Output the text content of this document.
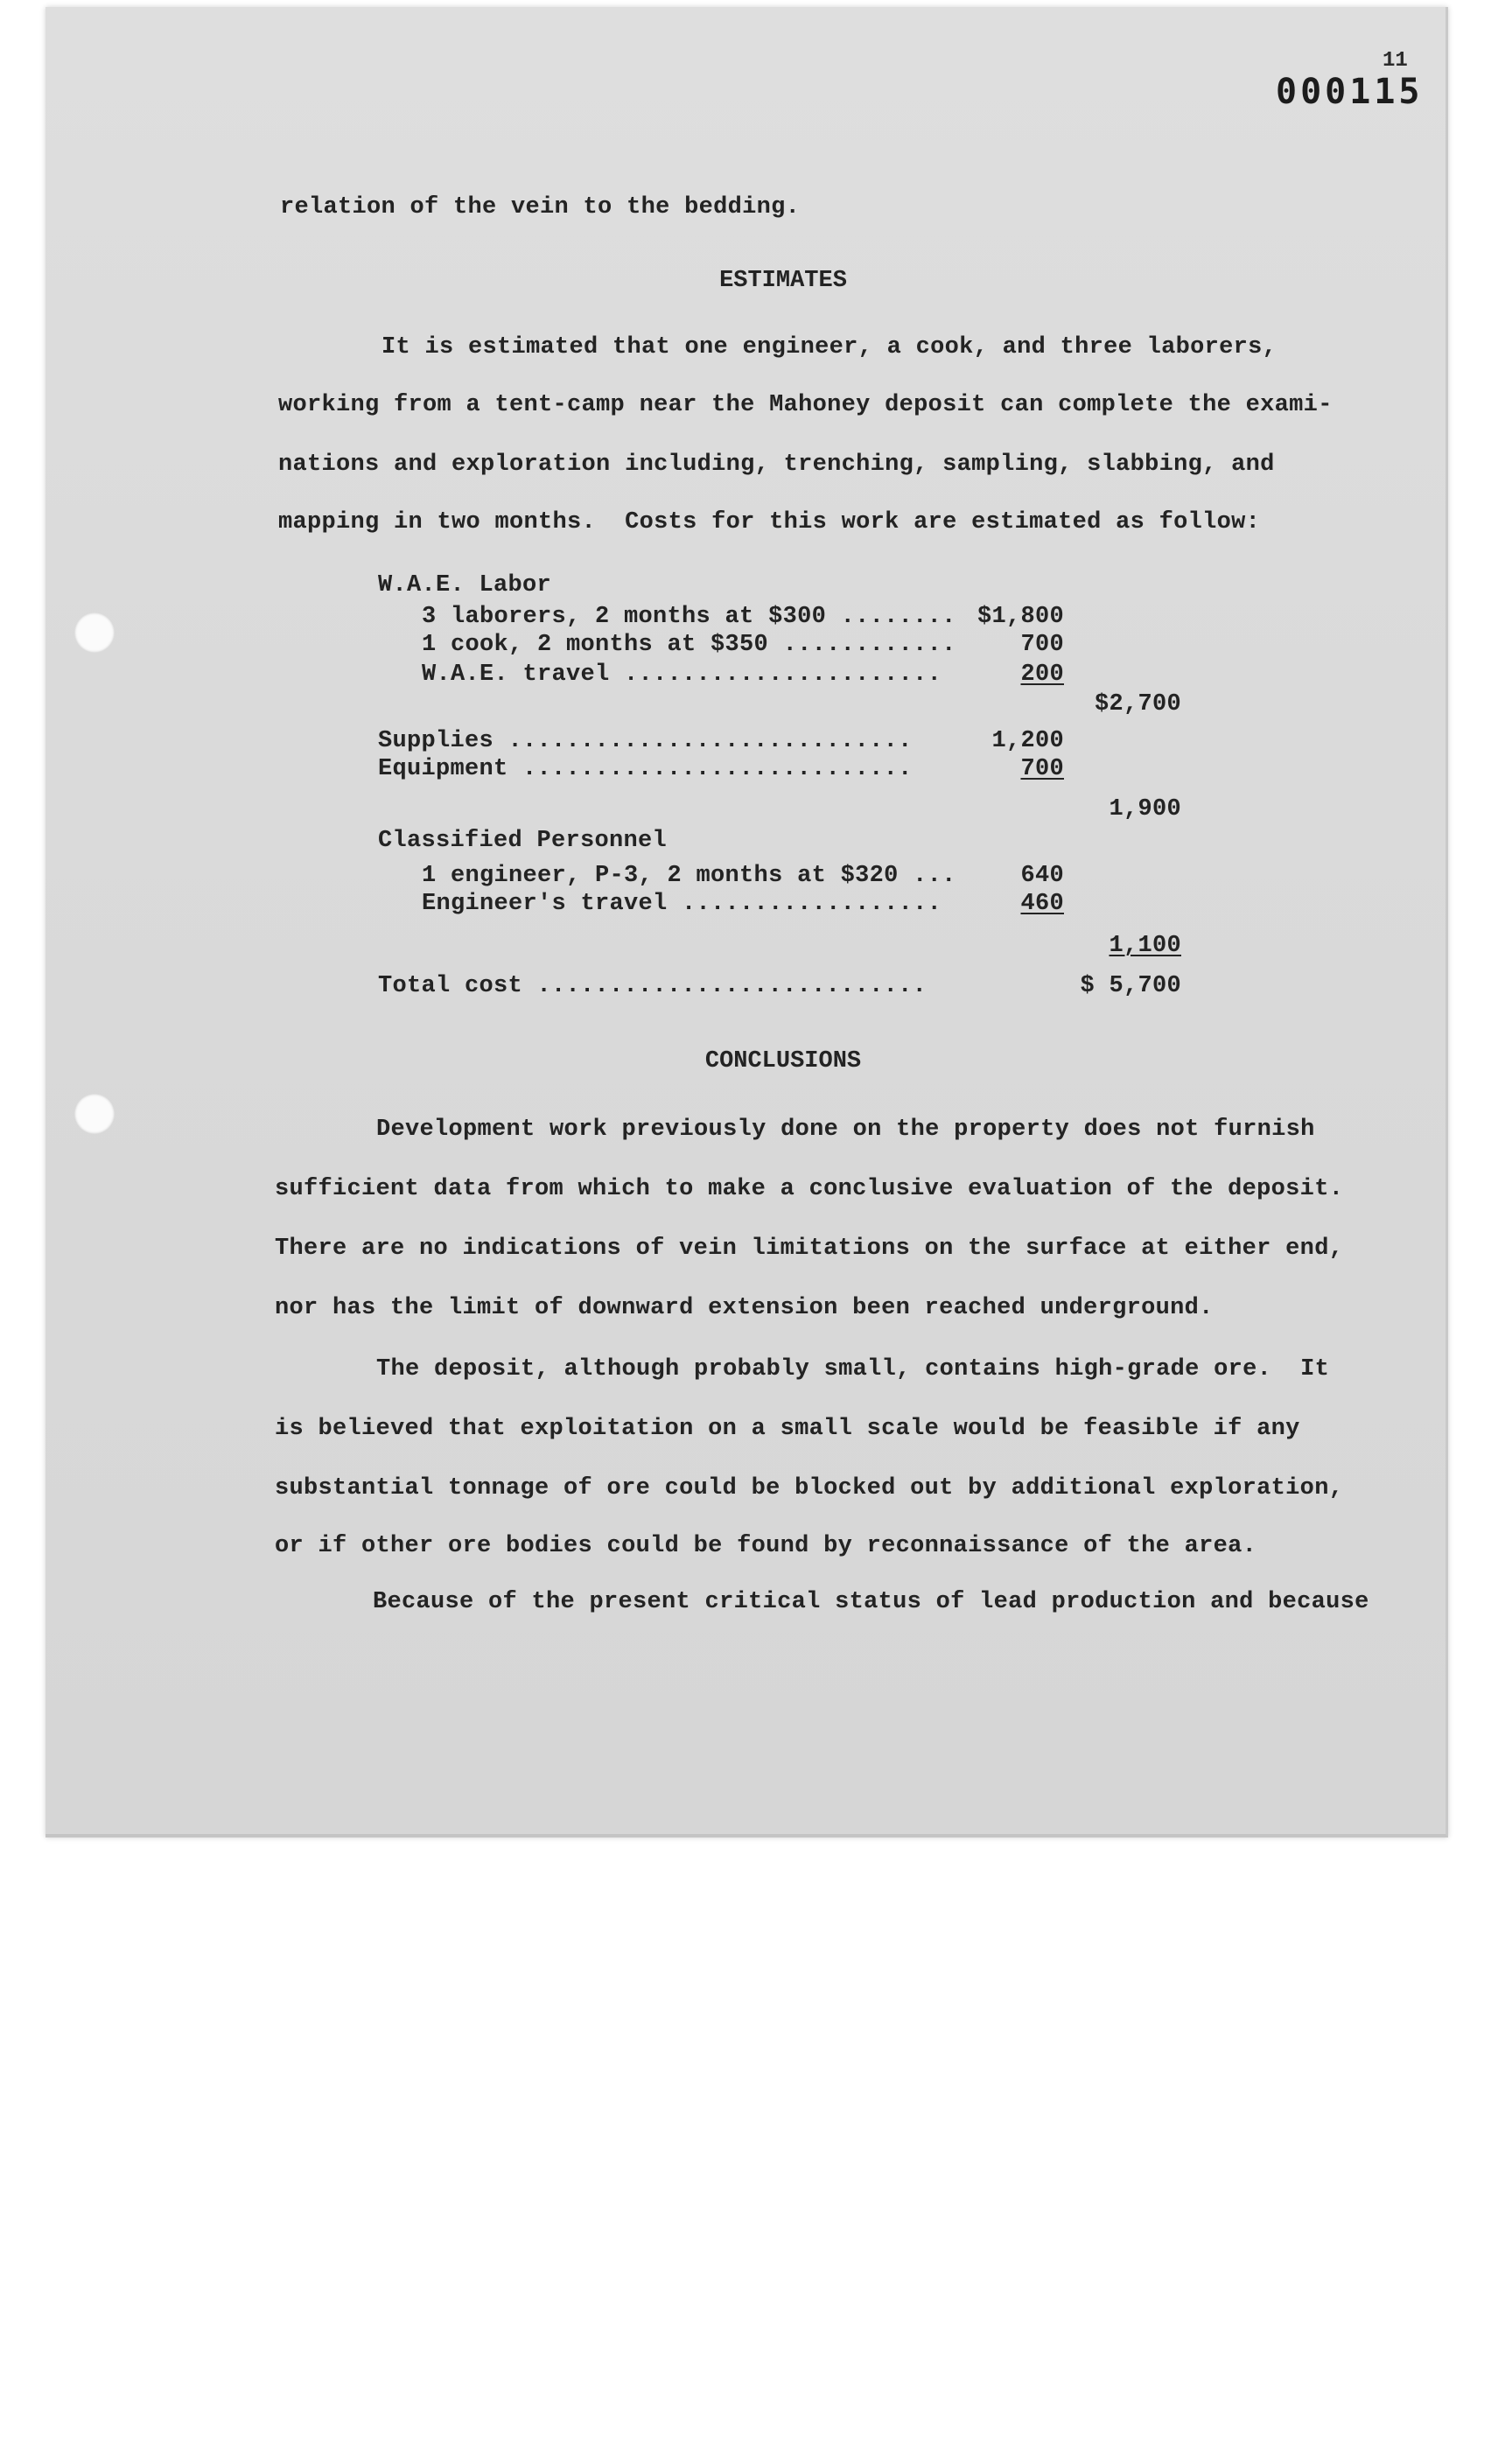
11
000115
relation of the vein to the bedding.
ESTIMATES
It is estimated that one engineer, a cook, and three laborers,
working from a tent-camp near the Mahoney deposit can complete the exami-
nations and exploration including, trenching, sampling, slabbing, and
mapping in two months.  Costs for this work are estimated as follow:
W.A.E. Labor
3 laborers, 2 months at $300 ........ $1,800
1 cook, 2 months at $350 ............	700
W.A.E. travel ......................	200
$2,700
Supplies ............................	1,200
Equipment ...........................	700
1,900
Classified Personnel
1 engineer, P-3, 2 months at $320 ...	640
Engineer's travel ..................	460
1,100
Total cost ...........................	$ 5,700
CONCLUSIONS
Development work previously done on the property does not furnish
sufficient data from which to make a conclusive evaluation of the deposit.
There are no indications of vein limitations on the surface at either end,
nor has the limit of downward extension been reached underground.
The deposit, although probably small, contains high-grade ore.  It
is believed that exploitation on a small scale would be feasible if any
substantial tonnage of ore could be blocked out by additional exploration,
or if other ore bodies could be found by reconnaissance of the area.
Because of the present critical status of lead production and because
